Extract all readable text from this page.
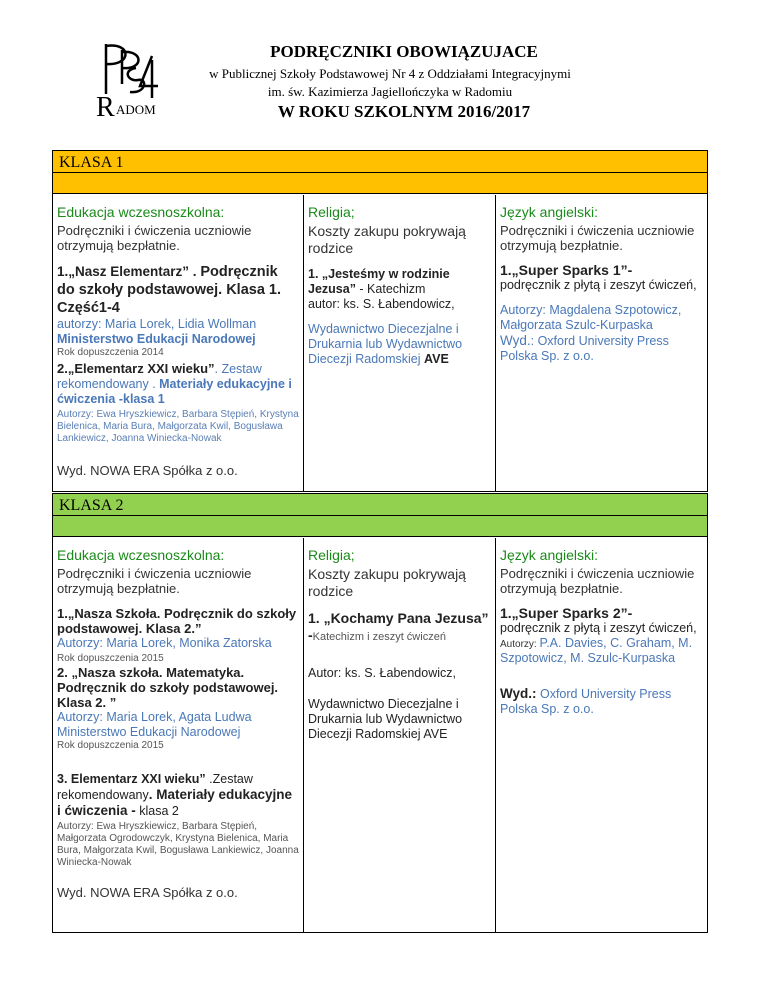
R ADOM
PODRĘCZNIKI OBOWIĄZUJACE
w Publicznej Szkoły Podstawowej Nr 4 z Oddziałami Integracyjnymi
im. św. Kazimierza Jagiellończyka w Radomiu
W ROKU SZKOLNYM 2016/2017
KLASA 1
Edukacja wczesnoszkolna:
Podręczniki i ćwiczenia uczniowie otrzymują bezpłatnie.
1.„Nasz Elementarz” . Podręcznik do szkoły podstawowej. Klasa 1. Część1-4
autorzy: Maria Lorek, Lidia Wollman
Ministerstwo Edukacji Narodowej
Rok dopuszczenia 2014
2.„Elementarz XXI wieku”. Zestaw rekomendowany . Materiały edukacyjne i ćwiczenia -klasa 1
Autorzy: Ewa Hryszkiewicz, Barbara Stępień, Krystyna Bielenica, Maria Bura, Małgorzata Kwil, Bogusława Lankiewicz, Joanna Winiecka-Nowak
Wyd. NOWA ERA Spółka z o.o.
Religia;
Koszty zakupu pokrywają rodzice
1. „Jesteśmy w rodzinie Jezusa” - Katechizm
autor: ks. S. Łabendowicz,
Wydawnictwo Diecezjalne i Drukarnia lub Wydawnictwo Diecezji Radomskiej AVE
Język angielski:
Podręczniki i ćwiczenia uczniowie otrzymują bezpłatnie.
1.„Super Sparks 1”-
podręcznik z płytą i zeszyt ćwiczeń,
Autorzy: Magdalena Szpotowicz, Małgorzata Szulc-Kurpaska
Wyd.: Oxford University Press Polska Sp. z o.o.
KLASA 2
Edukacja wczesnoszkolna:
Podręczniki i ćwiczenia uczniowie otrzymują bezpłatnie.
1.„Nasza Szkoła. Podręcznik do szkoły podstawowej. Klasa 2.”
Autorzy: Maria Lorek, Monika Zatorska
Rok dopuszczenia 2015
2. „Nasza szkoła. Matematyka. Podręcznik do szkoły podstawowej. Klasa 2. ”
Autorzy: Maria Lorek, Agata Ludwa
Ministerstwo Edukacji Narodowej
Rok dopuszczenia 2015
3. Elementarz XXI wieku” .Zestaw rekomendowany. Materiały edukacyjne i ćwiczenia - klasa 2
Autorzy: Ewa Hryszkiewicz, Barbara Stępień, Małgorzata Ogrodowczyk, Krystyna Bielenica, Maria Bura, Małgorzata Kwil, Bogusława Lankiewicz, Joanna Winiecka-Nowak
Wyd. NOWA ERA Spółka z o.o.
Religia;
Koszty zakupu pokrywają rodzice
1. „Kochamy Pana Jezusa” -Katechizm i zeszyt ćwiczeń
Autor: ks. S. Łabendowicz,
Wydawnictwo Diecezjalne i Drukarnia lub Wydawnictwo Diecezji Radomskiej AVE
Język angielski:
Podręczniki i ćwiczenia uczniowie otrzymują bezpłatnie.
1.„Super Sparks 2”-
podręcznik z płytą i zeszyt ćwiczeń,
Autorzy: P.A. Davies, C. Graham, M. Szpotowicz, M. Szulc-Kurpaska
Wyd.: Oxford University Press Polska Sp. z o.o.
